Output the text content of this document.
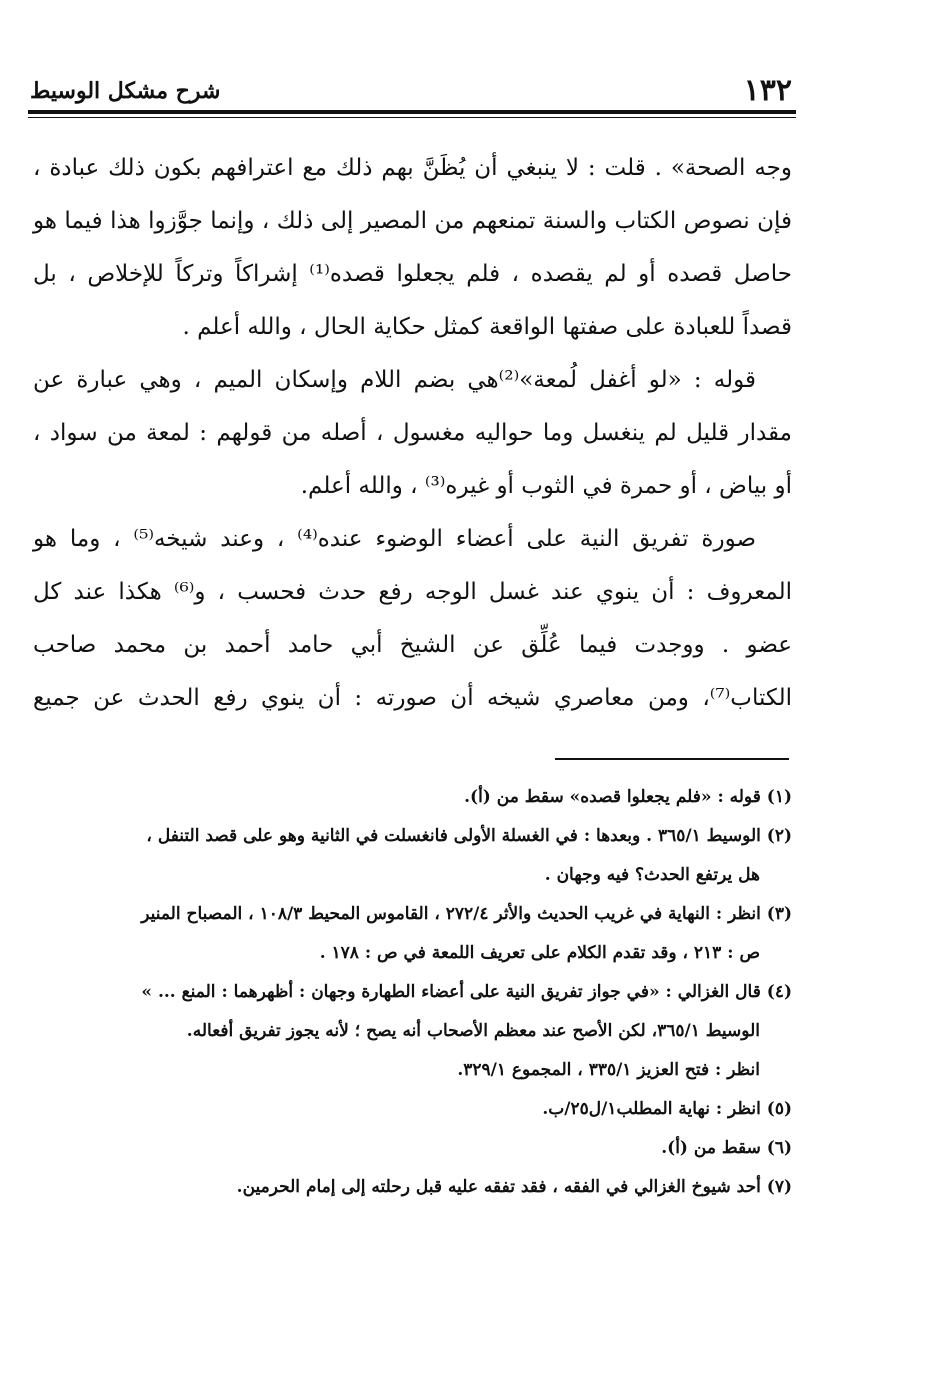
١٣٢
شرح مشكل الوسيط
وجه الصحة» . قلت : لا ينبغي أن يُظَنَّ بهم ذلك مع اعترافهم بكون ذلك عبادة ،
فإن نصوص الكتاب والسنة تمنعهم من المصير إلى ذلك ، وإنما جوَّزوا هذا فيما هو
حاصل قصده أو لم يقصده ، فلم يجعلوا قصده⁽¹⁾ إشراكاً وتركاً للإخلاص ، بل
قصداً للعبادة على صفتها الواقعة كمثل حكاية الحال ، والله أعلم .
قوله : «لو أغفل لُمعة»⁽²⁾هي بضم اللام وإسكان الميم ، وهي عبارة عن
مقدار قليل لم ينغسل وما حواليه مغسول ، أصله من قولهم : لمعة من سواد ،
أو بياض ، أو حمرة في الثوب أو غيره⁽³⁾ ، والله أعلم.
صورة تفريق النية على أعضاء الوضوء عنده⁽⁴⁾ ، وعند شيخه⁽⁵⁾ ، وما هو
المعروف : أن ينوي عند غسل الوجه رفع حدث فحسب ، و⁽⁶⁾ هكذا عند كل
عضو . ووجدت فيما عُلِّق عن الشيخ أبي حامد أحمد بن محمد صاحب
الكتاب⁽⁷⁾، ومن معاصري شيخه أن صورته : أن ينوي رفع الحدث عن جميع
(١) قوله : «فلم يجعلوا قصده» سقط من (أ).
(٢) الوسيط ٣٦٥/١ . وبعدها : في الغسلة الأولى فانغسلت في الثانية وهو على قصد التنفل ،
هل يرتفع الحدث؟ فيه وجهان .
(٣) انظر : النهاية في غريب الحديث والأثر ٢٧٢/٤ ، القاموس المحيط ١٠٨/٣ ، المصباح المنير
ص : ٢١٣ ، وقد تقدم الكلام على تعريف اللمعة في ص : ١٧٨ .
(٤) قال الغزالي : «في جواز تفريق النية على أعضاء الطهارة وجهان : أظهرهما : المنع ... »
الوسيط ٣٦٥/١، لكن الأصح عند معظم الأصحاب أنه يصح ؛ لأنه يجوز تفريق أفعاله.
انظر : فتح العزيز ٣٣٥/١ ، المجموع ٣٢٩/١.
(٥) انظر : نهاية المطلب١/ل٢٥/ب.
(٦) سقط من (أ).
(٧) أحد شيوخ الغزالي في الفقه ، فقد تفقه عليه قبل رحلته إلى إمام الحرمين.
